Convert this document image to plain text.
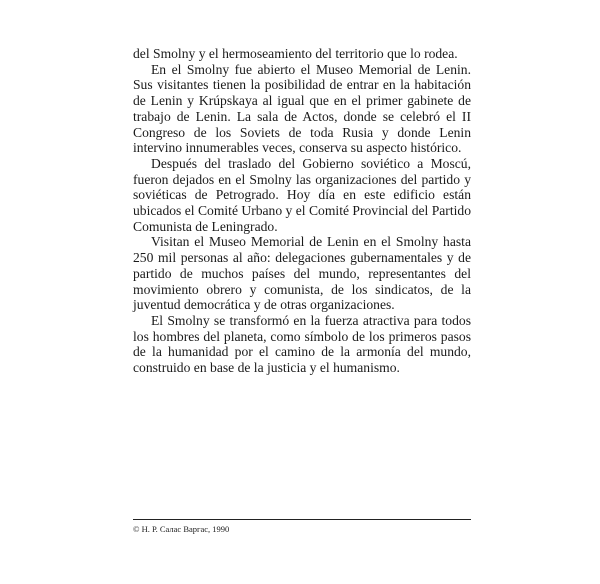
del Smolny y el hermoseamiento del territorio que lo rodea.

En el Smolny fue abierto el Museo Memorial de Lenin. Sus visitantes tienen la posibilidad de entrar en la habitación de Lenin y Krúpskaya al igual que en el primer gabinete de trabajo de Lenin. La sala de Actos, donde se celebró el II Congreso de los Soviets de toda Rusia y donde Lenin intervino innumerables veces, conserva su aspecto histórico.

Después del traslado del Gobierno soviético a Moscú, fueron dejados en el Smolny las organizaciones del partido y soviéticas de Petrogrado. Hoy día en este edificio están ubicados el Comité Urbano y el Comité Provincial del Partido Comunista de Leningrado.

Visitan el Museo Memorial de Lenin en el Smolny hasta 250 mil personas al año: delegaciones gubernamentales y de partido de muchos países del mundo, representantes del movimiento obrero y comunista, de los sindicatos, de la juventud democrática y de otras organizaciones.

El Smolny se transformó en la fuerza atractiva para todos los hombres del planeta, como símbolo de los primeros pasos de la humanidad por el camino de la armonía del mundo, construido en base de la justicia y el humanismo.

© Н. Р. Салас Варгас, 1990
